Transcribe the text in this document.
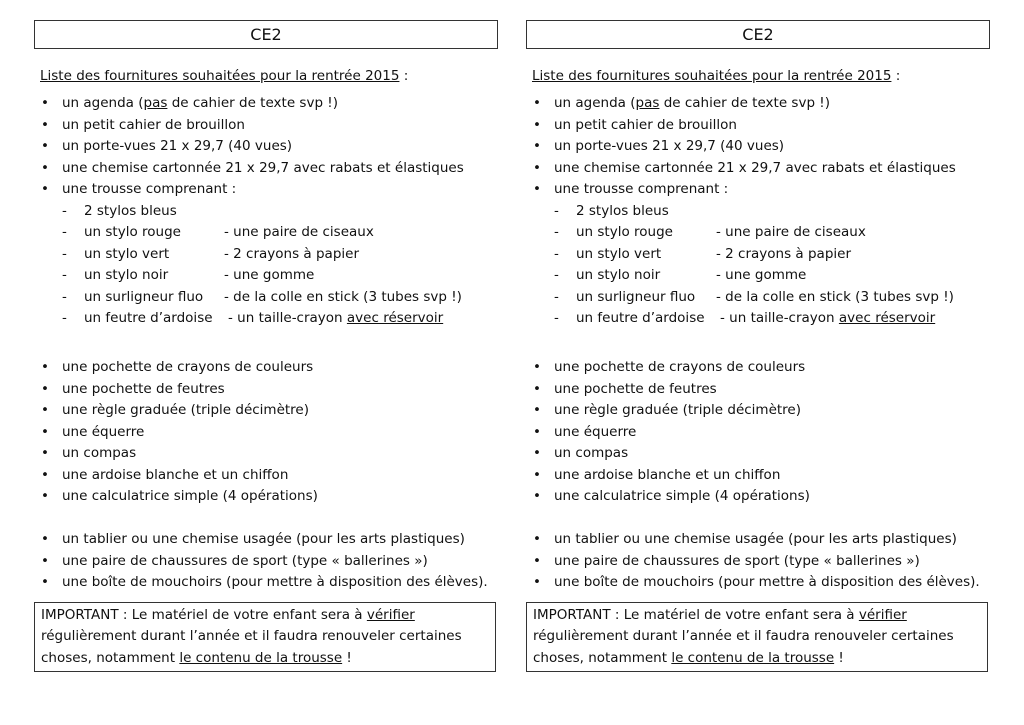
CE2
Liste des fournitures souhaitées pour la rentrée 2015 :
• un agenda (pas de cahier de texte svp !)
• un petit cahier de brouillon
• un porte-vues 21 x 29,7 (40 vues)
• une chemise cartonnée 21 x 29,7 avec rabats et élastiques
• une trousse comprenant :
- 2 stylos bleus
- un stylo rouge	- une paire de ciseaux
- un stylo vert	- 2 crayons à papier
- un stylo noir	- une gomme
- un surligneur fluo - de la colle en stick (3 tubes svp !)
- un feutre d’ardoise - un taille-crayon avec réservoir
• une pochette de crayons de couleurs
• une pochette de feutres
• une règle graduée (triple décimètre)
• une équerre
• un compas
• une ardoise blanche et un chiffon
• une calculatrice simple (4 opérations)
• un tablier ou une chemise usagée (pour les arts plastiques)
• une paire de chaussures de sport (type « ballerines »)
• une boîte de mouchoirs (pour mettre à disposition des élèves).
IMPORTANT : Le matériel de votre enfant sera à vérifier régulièrement durant l’année et il faudra renouveler certaines choses, notamment le contenu de la trousse !
CE2
Liste des fournitures souhaitées pour la rentrée 2015 :
• un agenda (pas de cahier de texte svp !)
• un petit cahier de brouillon
• un porte-vues 21 x 29,7 (40 vues)
• une chemise cartonnée 21 x 29,7 avec rabats et élastiques
• une trousse comprenant :
- 2 stylos bleus
- un stylo rouge	- une paire de ciseaux
- un stylo vert	- 2 crayons à papier
- un stylo noir	- une gomme
- un surligneur fluo - de la colle en stick (3 tubes svp !)
- un feutre d’ardoise - un taille-crayon avec réservoir
• une pochette de crayons de couleurs
• une pochette de feutres
• une règle graduée (triple décimètre)
• une équerre
• un compas
• une ardoise blanche et un chiffon
• une calculatrice simple (4 opérations)
• un tablier ou une chemise usagée (pour les arts plastiques)
• une paire de chaussures de sport (type « ballerines »)
• une boîte de mouchoirs (pour mettre à disposition des élèves).
IMPORTANT : Le matériel de votre enfant sera à vérifier régulièrement durant l’année et il faudra renouveler certaines choses, notamment le contenu de la trousse !
